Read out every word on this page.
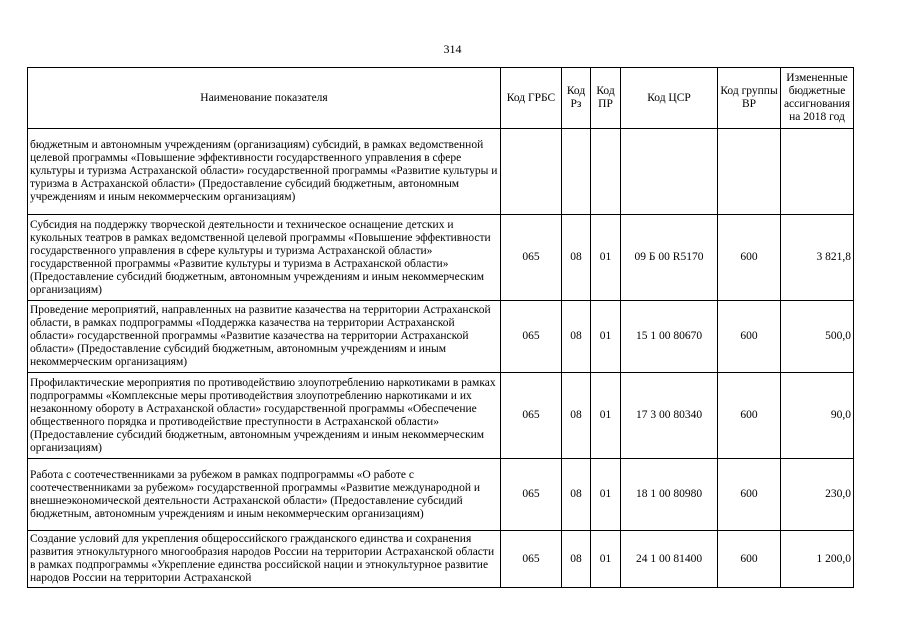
314
Наименование показателя	Код ГРБС	Код Рз	Код ПР	Код ЦСР	Код группы ВР	Измененные бюджетные ассигнования на 2018 год
бюджетным и автономным учреждениям (организациям) субсидий, в рамках ведомственной целевой программы «Повышение эффективности государственного управления в сфере культуры и туризма Астраханской области» государственной программы «Развитие культуры и туризма в Астраханской области» (Предоставление субсидий бюджетным, автономным учреждениям и иным некоммерческим организациям)						
Субсидия на поддержку творческой деятельности и техническое оснащение детских и кукольных театров в рамках ведомственной целевой программы «Повышение эффективности государственного управления в сфере культуры и туризма Астраханской области» государственной программы «Развитие культуры и туризма в Астраханской области» (Предоставление субсидий бюджетным, автономным учреждениям и иным некоммерческим организациям)	065	08	01	09 Б 00 R5170	600	3 821,8
Проведение мероприятий, направленных на развитие казачества на территории Астраханской области, в рамках подпрограммы «Поддержка казачества на территории Астраханской области» государственной программы «Развитие казачества на территории Астраханской области» (Предоставление субсидий бюджетным, автономным учреждениям и иным некоммерческим организациям)	065	08	01	15 1 00 80670	600	500,0
Профилактические мероприятия по противодействию злоупотреблению наркотиками в рамках подпрограммы «Комплексные меры противодействия злоупотреблению наркотиками и их незаконному обороту в Астраханской области» государственной программы «Обеспечение общественного порядка и противодействие преступности в Астраханской области» (Предоставление субсидий бюджетным, автономным учреждениям и иным некоммерческим организациям)	065	08	01	17 3 00 80340	600	90,0
Работа с соотечественниками за рубежом в рамках подпрограммы «О работе с соотечественниками за рубежом» государственной программы «Развитие международной и внешнеэкономической деятельности Астраханской области» (Предоставление субсидий бюджетным, автономным учреждениям и иным некоммерческим организациям)	065	08	01	18 1 00 80980	600	230,0
Создание условий для укрепления общероссийского гражданского единства и сохранения развития этнокультурного многообразия народов России на территории Астраханской области в рамках подпрограммы «Укрепление единства российской нации и этнокультурное развитие народов России на территории Астраханской	065	08	01	24 1 00 81400	600	1 200,0
